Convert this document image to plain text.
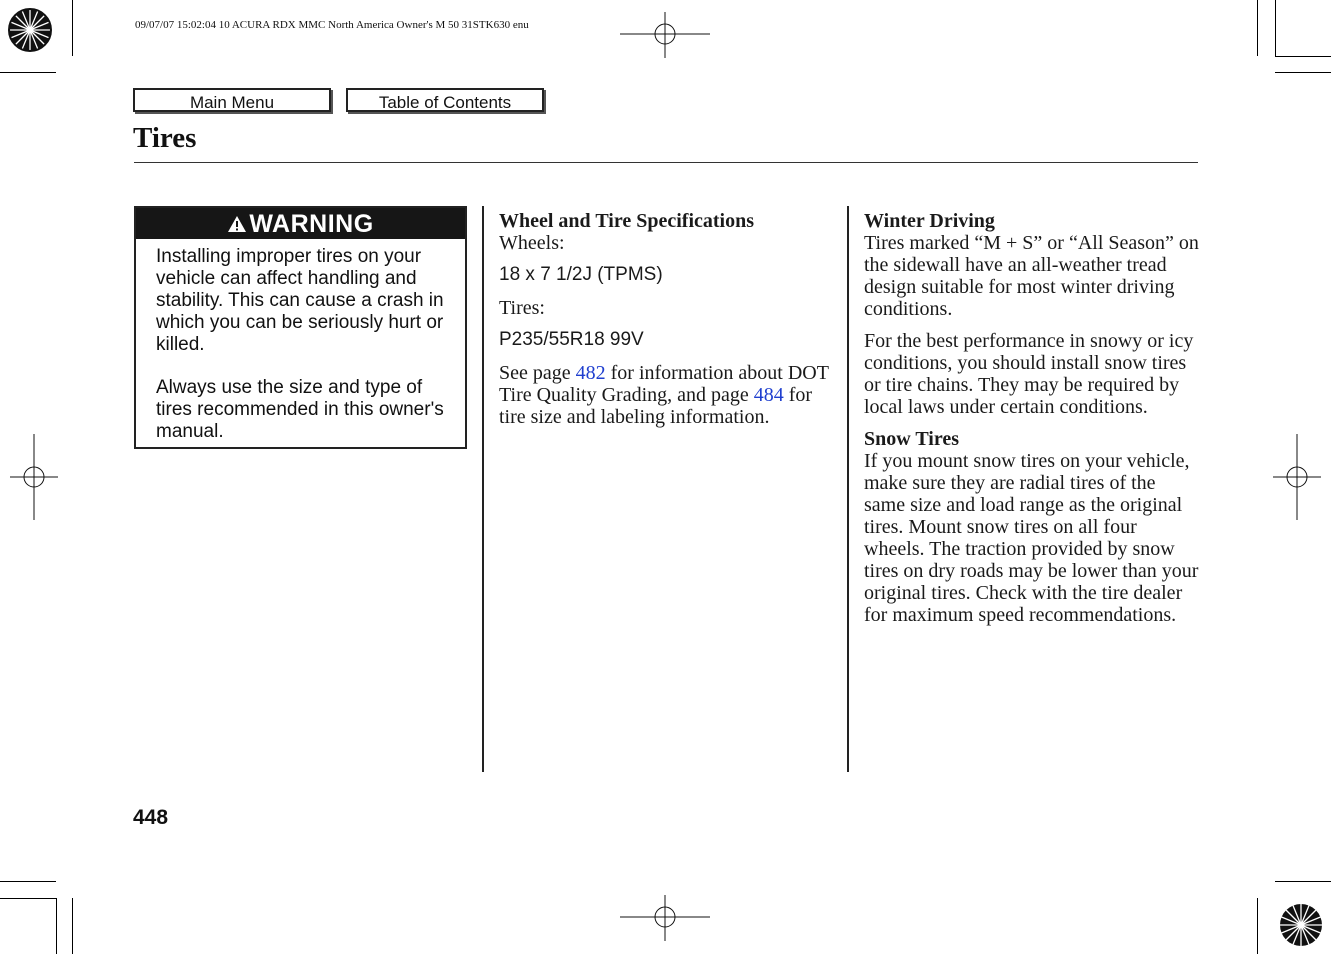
09/07/07 15:02:04 10 ACURA RDX MMC North America Owner's M 50 31STK630 enu
Main Menu	Table of Contents
Tires
WARNING

Installing improper tires on your vehicle can affect handling and stability. This can cause a crash in which you can be seriously hurt or killed.

Always use the size and type of tires recommended in this owner's manual.

Wheel and Tire Specifications

Wheels:

18 x 7 1/2J (TPMS)

Tires:

P235/55R18 99V

See page 482 for information about DOT Tire Quality Grading, and page 484 for tire size and labeling information.

Winter Driving

Tires marked “M + S” or “All Season” on the sidewall have an all-weather tread design suitable for most winter driving conditions.

For the best performance in snowy or icy conditions, you should install snow tires or tire chains. They may be required by local laws under certain conditions.

Snow Tires

If you mount snow tires on your vehicle, make sure they are radial tires of the same size and load range as the original tires. Mount snow tires on all four wheels. The traction provided by snow tires on dry roads may be lower than your original tires. Check with the tire dealer for maximum speed recommendations.

448
